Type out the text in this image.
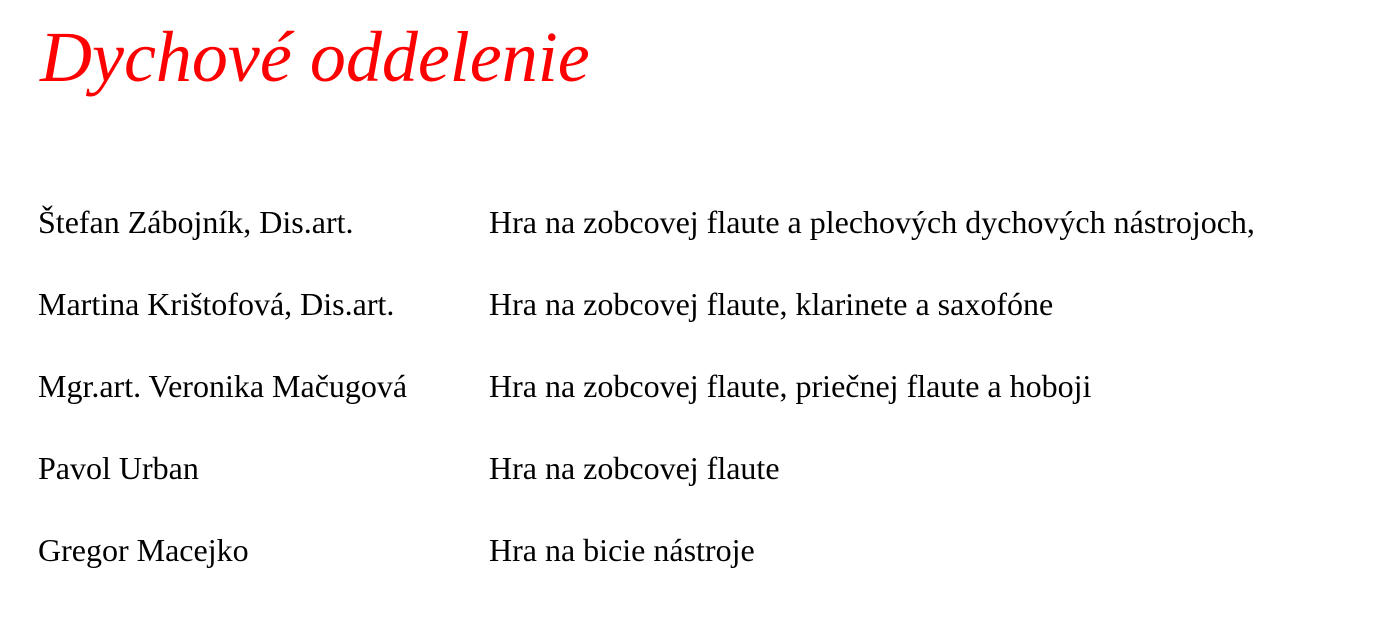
Dychové oddelenie
Štefan Zábojník, Dis.art.	Hra na zobcovej flaute a plechových dychových nástrojoch,
Martina Krištofová, Dis.art.	Hra na zobcovej flaute, klarinete a saxofóne
Mgr.art. Veronika Mačugová	Hra na zobcovej flaute, priečnej flaute a hoboji
Pavol Urban	Hra na zobcovej flaute
Gregor Macejko	Hra na bicie nástroje
